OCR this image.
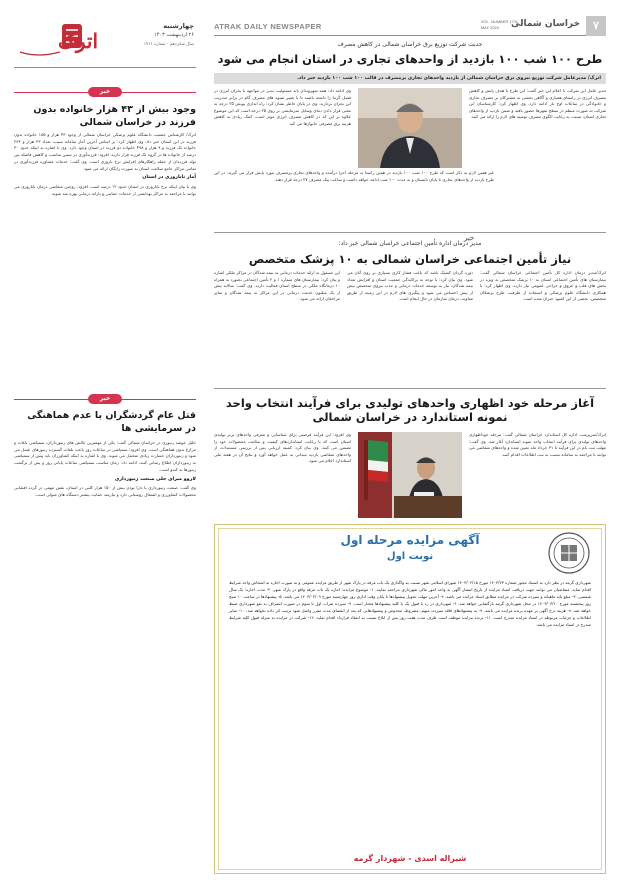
۷
خراسان شمالی
VOL. NUMBER 1711
MAY 2024
ATRAK DAILY NEWSPAPER
اترک
چهارشنبه
۲۶ اردیبهشت ۱۴۰۳
سال شانزدهم - شماره ۱۷۱۱	جدیت شرکت توزیع برق خراسان شمالی در کاهش مصرف
طرح ۱۰۰ شب ۱۰۰ بازدید از واحدهای تجاری در استان انجام می شود
اترک/ مدیرعامل شرکت توزیع نیروی برق خراسان شمالی از بازدید واحدهای تجاری پرمصرف در قالب ۱۰۰ شب ۱۰۰ بازدید خبر داد.

مدیر عامل این شرکت با اعلام این خبر گفت: این طرح با هدف پایش و کاهش مصرف انرژی در راستای همیاری و آگاهی بخشی به مشترکان بر مصرف تجاری و خانوادگی در ساعات اوج بار ادامه دارد. وی اظهار کرد: کارشناسان این شرکت به صورت منظم در سطح شهرها حضور یافته و ضمن بازدید از واحدهای تجاری استان، نسبت به رعایت الگوی مصرف توصیه های لازم را ارائه می کنند.

وی ادامه داد: همه شهروندان باید مسئولیت بدنی در مواجهه با بحران انرژی در فصل گرما را داشته باشند تا با تغییر شیوه های مصرف گام در برابر مدیریت این بحران بردارند. وی در پایان خاطر نشان کرد: راه اندازی پویش ۲۵ درجه به معنی قرار دادن دمای وسایل سرمایشی بر روی ۲۵ درجه است که این موضوع علاوه بر این که در کاهش مصرف انرژی موثر است، کمک زیادی به کاهش هزینه برق مصرفی خانوارها می کند.

غیر همین لازم به ذکر است که طرح ۱۰۰ شب ۱۰۰ بازدید در همین راستا به مرحله اجرا درآمده و واحدهای تجاری پرمصرف مورد پایش قرار می گیرند. در این طرح بازدید از واحدهای تجاری تا پایان تابستان و به مدت ۱۰۰ شب ادامه خواهد داشت و ساعت پیک مصرف ۲۷ درجه قرار دهند.

خبر
مدیر درمان اداره تأمین اجتماعی خراسان شمالی خبر داد:
نیاز تأمین اجتماعی خراسان شمالی به ۱۰ پزشک متخصص

اترک/مدیر درمان اداره کل تأمین اجتماعی خراسان شمالی گفت: بیمارستان های تأمین اجتماعی استان به ۱۰ پزشک متخصص به ویژه در بخش های قلب و عروق و جراحی عمومی نیاز دارند. وی اظهار کرد: با همکاری دانشگاه علوم پزشکی و استفاده از ظرفیت طرح پزشکان متخصص، بخشی از این کمبود جبران شده است.

دوره گردان کشیک باشد که باعث فشار کاری بسیاری بر روی آنان می شود. وی بیان کرد: با توجه به پراکندگی جمعیت استان و افزایش تعداد بیمه شدگان، نیاز به توسعه خدمات درمانی و جذب نیروی متخصص بیش از پیش احساس می شود و پیگیری های لازم در این زمینه از طریق معاونت درمان سازمان در حال انجام است.

این مسئول به ارائه خدمات درمانی به بیمه شدگان در مراکز ملکی اشاره و بیان کرد: بیمارستان های شماره ۱ و ۲ تأمین اجتماعی بجنورد به همراه ۱۰ درمانگاه ملکی در سطح استان فعالیت دارند. وی گفت: سالانه بیش از یک میلیون خدمت درمانی در این مراکز به بیمه شدگان و سایر مراجعان ارائه می شود.

آغاز مرحله خود اظهاری واحدهای تولیدی برای فرآیند انتخاب واحد نمونه استاندارد در خراسان شمالی

اترک/سرپرست اداره کل استاندارد خراسان شمالی گفت: مرحله خوداظهاری واحدهای تولیدی برای فرآیند انتخاب واحد نمونه استاندارد آغاز شد. وی گفت: مهلت ثبت نام در این فرآیند تا ۳۱ خرداد ماه تعیین شده و واحدهای متقاضی می توانند با مراجعه به سامانه نسبت به ثبت اطلاعات اقدام کنند.

وی افزود: این فرآیند فرصتی برای شناسایی و معرفی واحدهای برتر تولیدی استان است که با رعایت استانداردهای کیفیت و سلامت محصولات خود را تضمین می کنند. وی بیان کرد: کمیته ارزیابی پس از بررسی مستندات، از واحدهای متقاضی بازدید میدانی به عمل خواهد آورد و نتایج آن در هفته ملی استاندارد اعلام می شود.

خبر
وجود بیش از ۴۳ هزار خانواده بدون فرزند در خراسان شمالی
اترک/ کارشناس جمعیت دانشگاه علوم پزشکی خراسان شمالی از وجود ۴۳ هزار و ۱۸۵ خانواده بدون فرزند در این استان خبر داد. وی اظهار کرد: بر اساس آخرین آمار سامانه سیب، تعداد ۲۳ هزار و ۲۳۶ خانواده تک فرزند و ۹ هزار و ۴۹۸ خانواده دو فرزند در استان وجود دارد. وی با اشاره به اینکه حدود ۳۰ درصد از خانواده ها در گروه تک فرزند قرار دارند، افزود: فرزندآوری در سنین مناسب و کاهش فاصله بین تولد فرزندان از جمله راهکارهای افزایش نرخ باروری است. وی گفت: خدمات مشاوره فرزندآوری در تمامی مراکز جامع سلامت استان به صورت رایگان ارائه می شود.
آمار ناباروری در استان
وی با بیان اینکه نرخ ناباروری در استان حدود ۱۲ درصد است، افزود: زوجین متقاضی درمان ناباروری می توانند با مراجعه به مراکز بهداشتی از خدمات حمایتی و یارانه درمانی بهره مند شوند.
خبر
قتل عام گردشگران با عدم هماهنگی در سرمایشی ها
خلیل خوشه زنبوری در خراسان شمالی گفت: یکی از مهمترین چالش های زنبورداران، سمپاشی باغات و مزارع بدون هماهنگی است. وی افزود: سمپاشی در ساعات روز باعث تلفات گسترده زنبورهای عسل می شود و زنبورداران خسارت زیادی متحمل می شوند. وی با اشاره به اینکه کشاورزان باید پیش از سمپاشی به زنبورداران اطلاع رسانی کنند، ادامه داد: زمان مناسب سمپاشی ساعات پایانی روز و پس از برگشت زنبورها به کندو است.
لاروو مبرای جلی صنعت زنبورداری
وی گفت: صنعت زنبورداری با دارا بودن بیش از ۱۵۰ هزار کلنی در استان، نقش مهمی در گرده افشانی محصولات کشاورزی و اشتغال روستایی دارد و نیازمند حمایت بیشتر دستگاه های متولی است.
آگهی مزایده مرحله اول
نوبت اول
شهرداری گرمه در نظر دارد به استناد مجوز شماره ۱۴۰۳/۲۳ مورخ ۱۴۰۳/۰۲/۱۵ شورای اسلامی شهر نسبت به واگذاری یک باب غرفه در پارک شهر از طریق مزایده عمومی و به صورت اجاره به اشخاص واجد شرایط اقدام نماید. متقاضیان می توانند جهت دریافت اسناد مزایده از تاریخ انتشار آگهی به واحد امور مالی شهرداری مراجعه نمایند. ۱- موضوع مزایده: اجاره یک باب غرفه واقع در پارک شهر. ۲- مدت اجاره: یک سال شمسی. ۳- مبلغ پایه ماهیانه و سپرده شرکت در مزایده مطابق اسناد مزایده می باشد. ۴- آخرین مهلت تحویل پیشنهادها تا پایان وقت اداری روز چهارشنبه مورخ ۱۴۰۳/۰۳/۰۹ می باشد. ۵- پیشنهادها در ساعت ۱۰ صبح روز پنجشنبه مورخ ۱۴۰۳/۰۳/۱۰ در محل شهرداری گرمه بازگشایی خواهد شد. ۶- شهرداری در رد یا قبول یک یا کلیه پیشنهادها مختار است. ۷- سپرده نفرات اول تا سوم در صورت انصراف به نفع شهرداری ضبط خواهد شد. ۸- هزینه درج آگهی بر عهده برنده مزایده می باشد. ۹- به پیشنهادهای فاقد سپرده، مبهم، مشروط، مخدوش و پیشنهادهایی که بعد از انقضای مدت مقرر واصل شود ترتیب اثر داده نخواهد شد. ۱۰- سایر اطلاعات و جزئیات مربوطه در اسناد مزایده مندرج است. ۱۱- برنده مزایده موظف است ظرف مدت هفت روز پس از ابلاغ نسبت به انعقاد قرارداد اقدام نماید. ۱۲- شرکت در مزایده به منزله قبول کلیه شرایط مندرج در اسناد مزایده می باشد.
شیراله اسدی - شهردار گرمه
